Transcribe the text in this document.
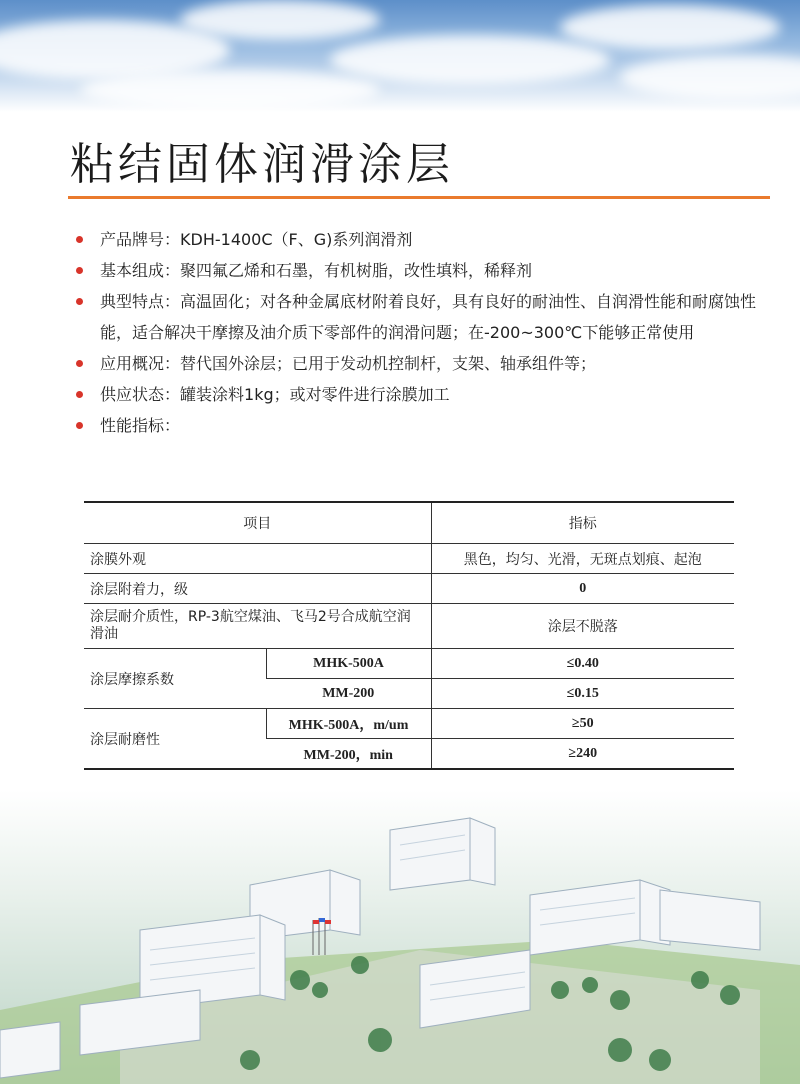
粘结固体润滑涂层
产品牌号：KDH-1400C（F、G)系列润滑剂
基本组成：聚四氟乙烯和石墨，有机树脂，改性填料，稀释剂
典型特点：高温固化；对各种金属底材附着良好，具有良好的耐油性、自润滑性能和耐腐蚀性能，适合解决干摩擦及油介质下零部件的润滑问题；在-200~300℃下能够正常使用
应用概况：替代国外涂层；已用于发动机控制杆，支架、轴承组件等；
供应状态：罐装涂料1kg；或对零件进行涂膜加工
性能指标：
项目		指标
涂膜外观		黑色，均匀、光滑，无斑点划痕、起泡
涂层附着力，级		0
涂层耐介质性，RP-3航空煤油、飞马2号合成航空润滑油		涂层不脱落
涂层摩擦系数	MHK-500A	≤0.40
	MM-200	≤0.15
涂层耐磨性	MHK-500A，m/um	≥50
	MM-200，min	≥240
